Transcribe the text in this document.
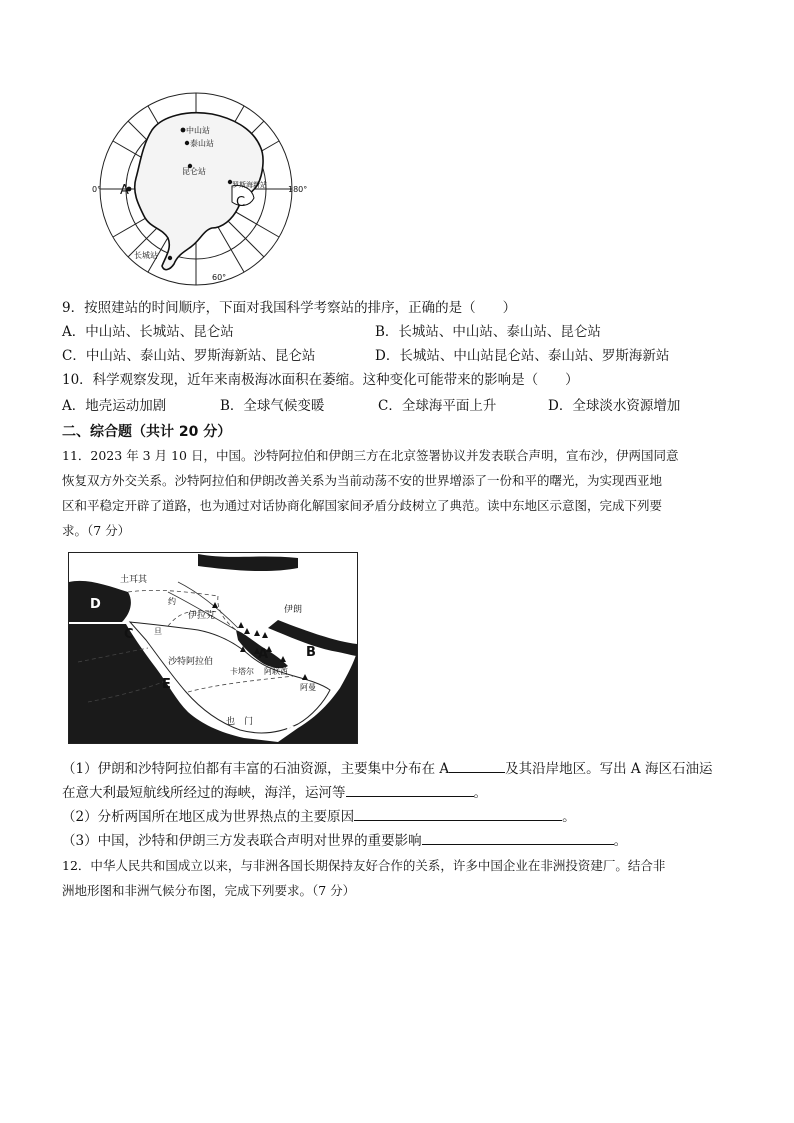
中山站
泰山站
昆仑站
罗斯海新站
长城站
0°	180°
60°
A
C
9．按照建站的时间顺序，下面对我国科学考察站的排序，正确的是（　　）
A．中山站、长城站、昆仑站	B．长城站、中山站、泰山站、昆仑站
C．中山站、泰山站、罗斯海新站、昆仑站	D．长城站、中山站昆仑站、泰山站、罗斯海新站
10．科学观察发现，近年来南极海冰面积在萎缩。这种变化可能带来的影响是（　　）
A．地壳运动加剧	B．全球气候变暖	C．全球海平面上升	D．全球淡水资源增加
二、综合题（共计 20 分）
11．2023 年 3 月 10 日，中国。沙特阿拉伯和伊朗三方在北京签署协议并发表联合声明，宣布沙，伊两国同意
恢复双方外交关系。沙特阿拉伯和伊朗改善关系为当前动荡不安的世界增添了一份和平的曙光，为实现西亚地
区和平稳定开辟了道路，也为通过对话协商化解国家间矛盾分歧树立了典范。读中东地区示意图，完成下列要
求。（7 分）
土耳其
伊朗
伊拉克
沙特阿拉伯
卡塔尔 阿联酋
阿曼
也　门
约
旦
D
C
E
A	B
F
（1）伊朗和沙特阿拉伯都有丰富的石油资源，主要集中分布在 A	及其沿岸地区。写出 A 海区石油运
在意大利最短航线所经过的海峡，海洋，运河等	。
（2）分析两国所在地区成为世界热点的主要原因	。
（3）中国，沙特和伊朗三方发表联合声明对世界的重要影响	。
12．中华人民共和国成立以来，与非洲各国长期保持友好合作的关系，许多中国企业在非洲投资建厂。结合非
洲地形图和非洲气候分布图，完成下列要求。（7 分）
